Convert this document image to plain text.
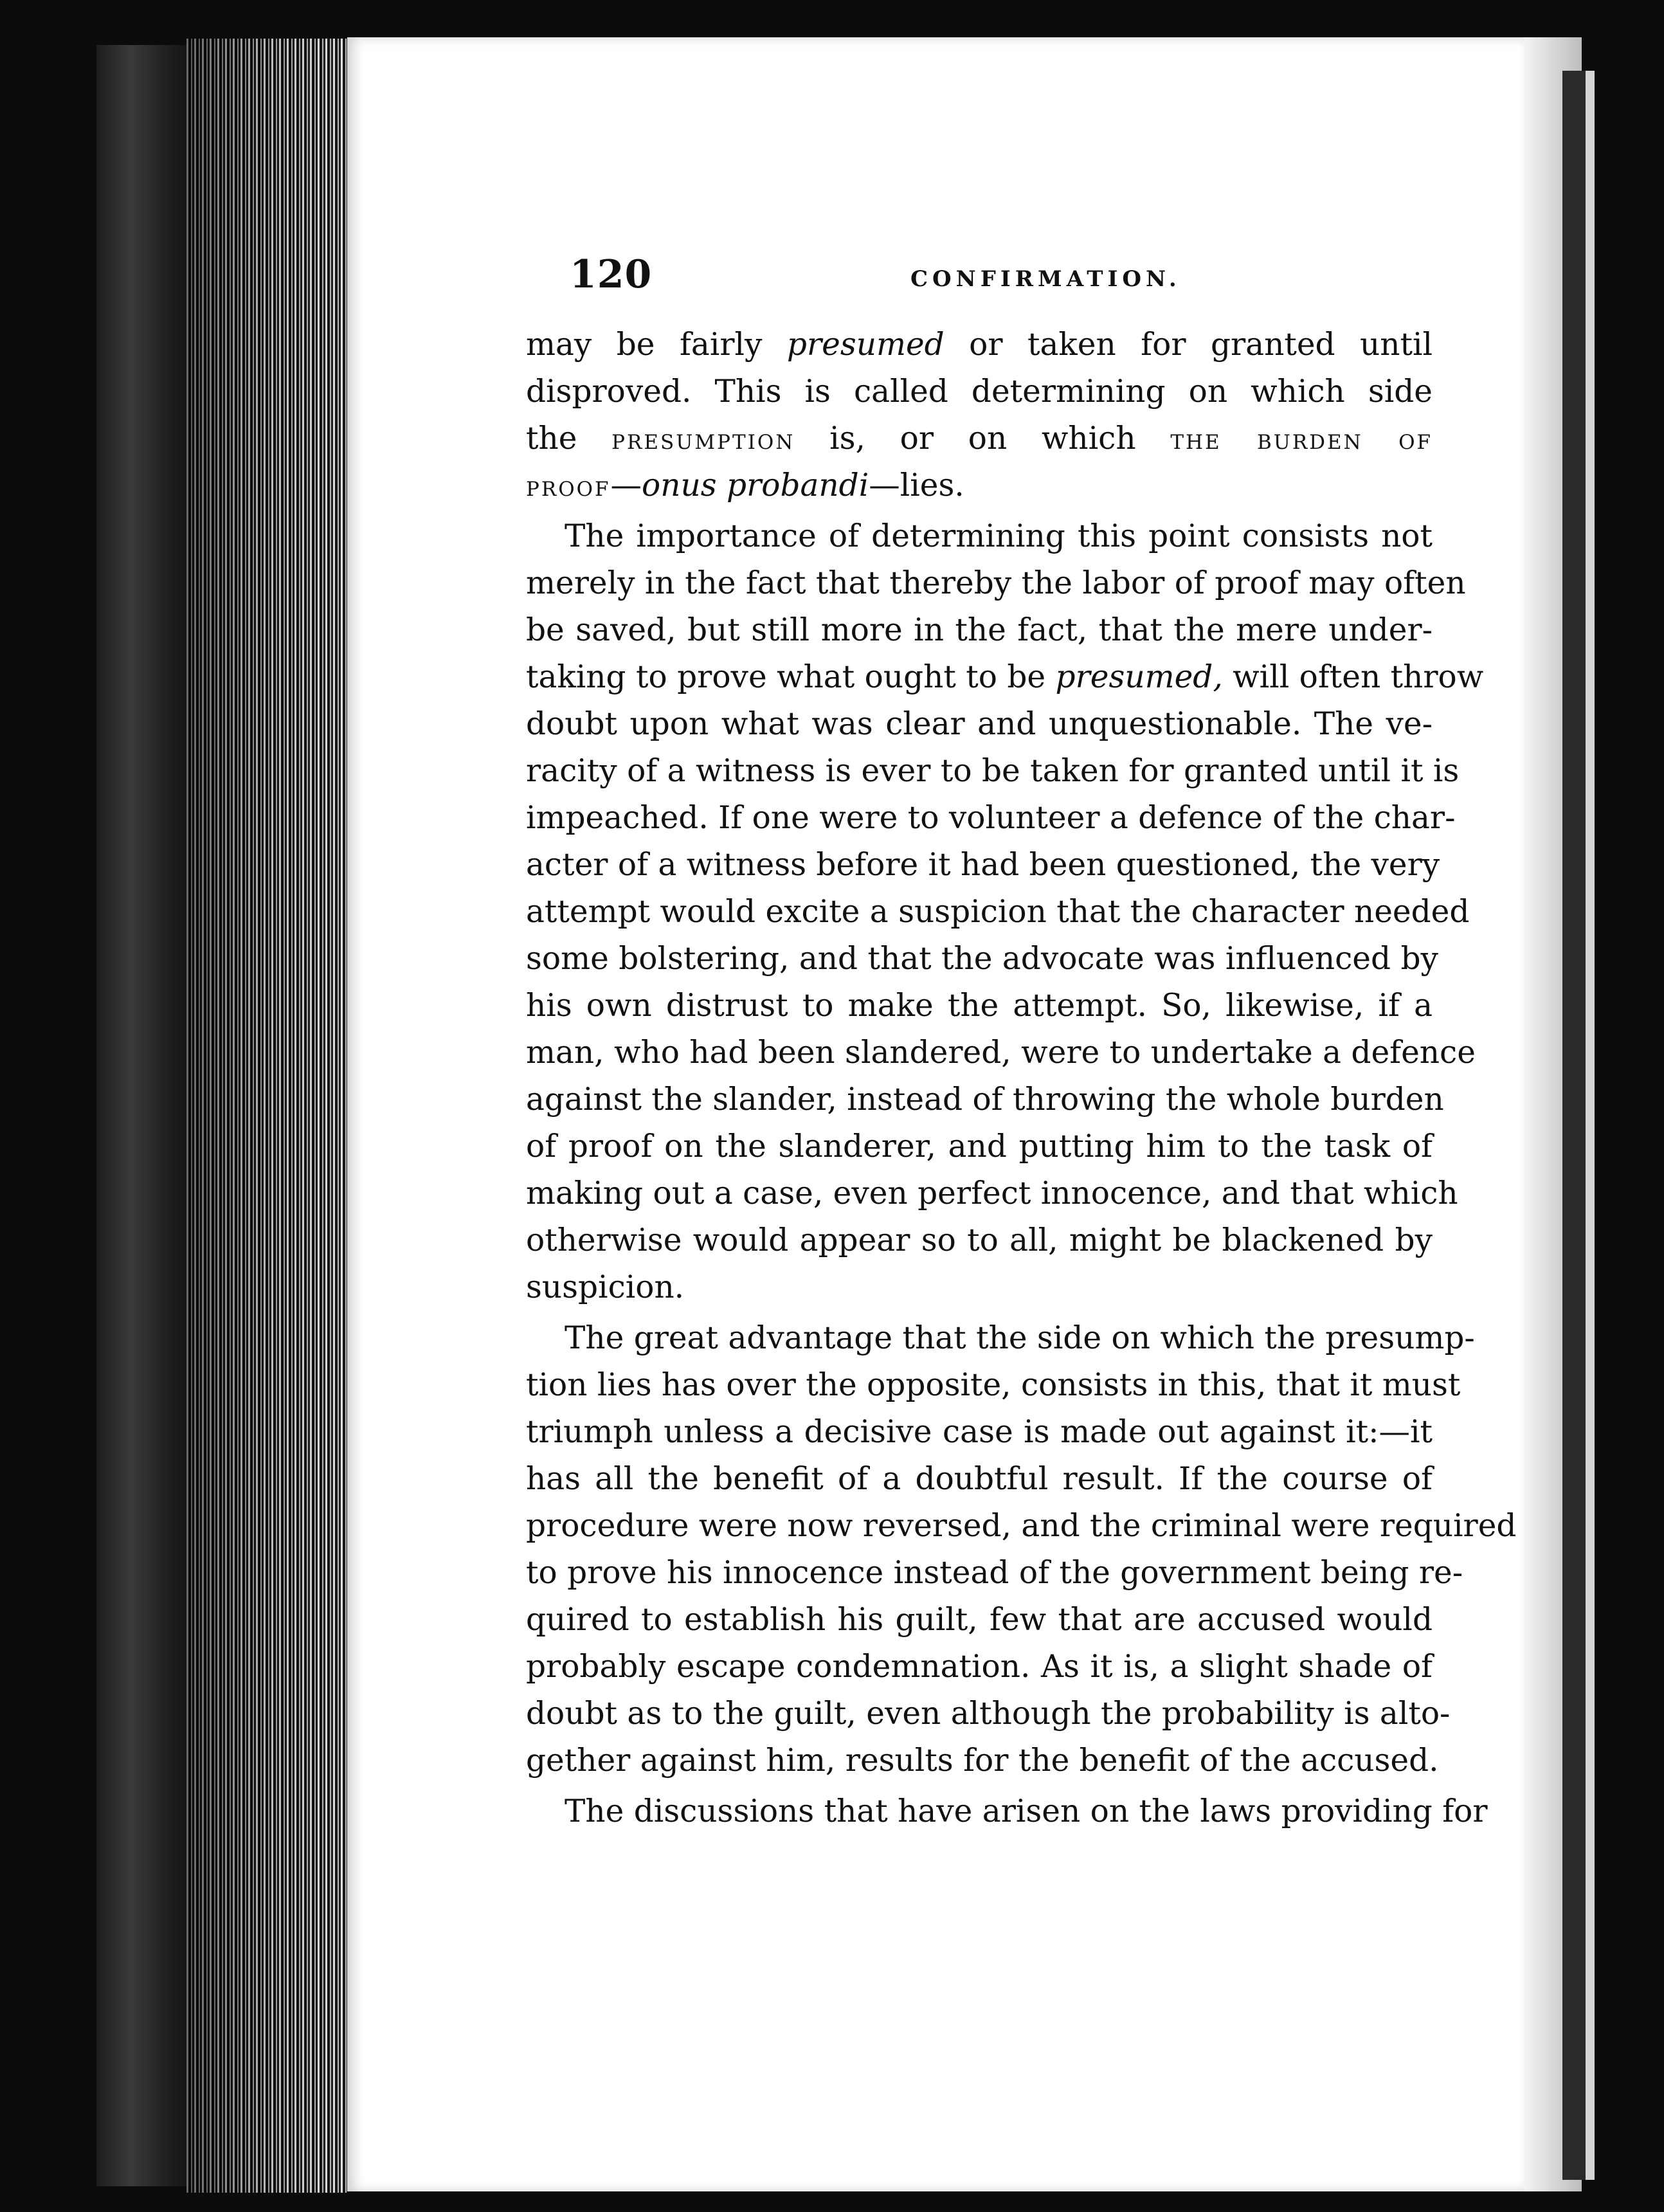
120	CONFIRMATION.
may be fairly presumed or taken for granted until
disproved. This is called determining on which side
the presumption is, or on which the burden of
proof—onus probandi—lies.
The importance of determining this point consists not
merely in the fact that thereby the labor of proof may often
be saved, but still more in the fact, that the mere under-
taking to prove what ought to be presumed, will often throw
doubt upon what was clear and unquestionable. The ve-
racity of a witness is ever to be taken for granted until it is
impeached. If one were to volunteer a defence of the char-
acter of a witness before it had been questioned, the very
attempt would excite a suspicion that the character needed
some bolstering, and that the advocate was influenced by
his own distrust to make the attempt. So, likewise, if a
man, who had been slandered, were to undertake a defence
against the slander, instead of throwing the whole burden
of proof on the slanderer, and putting him to the task of
making out a case, even perfect innocence, and that which
otherwise would appear so to all, might be blackened by
suspicion.
The great advantage that the side on which the presump-
tion lies has over the opposite, consists in this, that it must
triumph unless a decisive case is made out against it:—it
has all the benefit of a doubtful result. If the course of
procedure were now reversed, and the criminal were required
to prove his innocence instead of the government being re-
quired to establish his guilt, few that are accused would
probably escape condemnation. As it is, a slight shade of
doubt as to the guilt, even although the probability is alto-
gether against him, results for the benefit of the accused.
The discussions that have arisen on the laws providing for
